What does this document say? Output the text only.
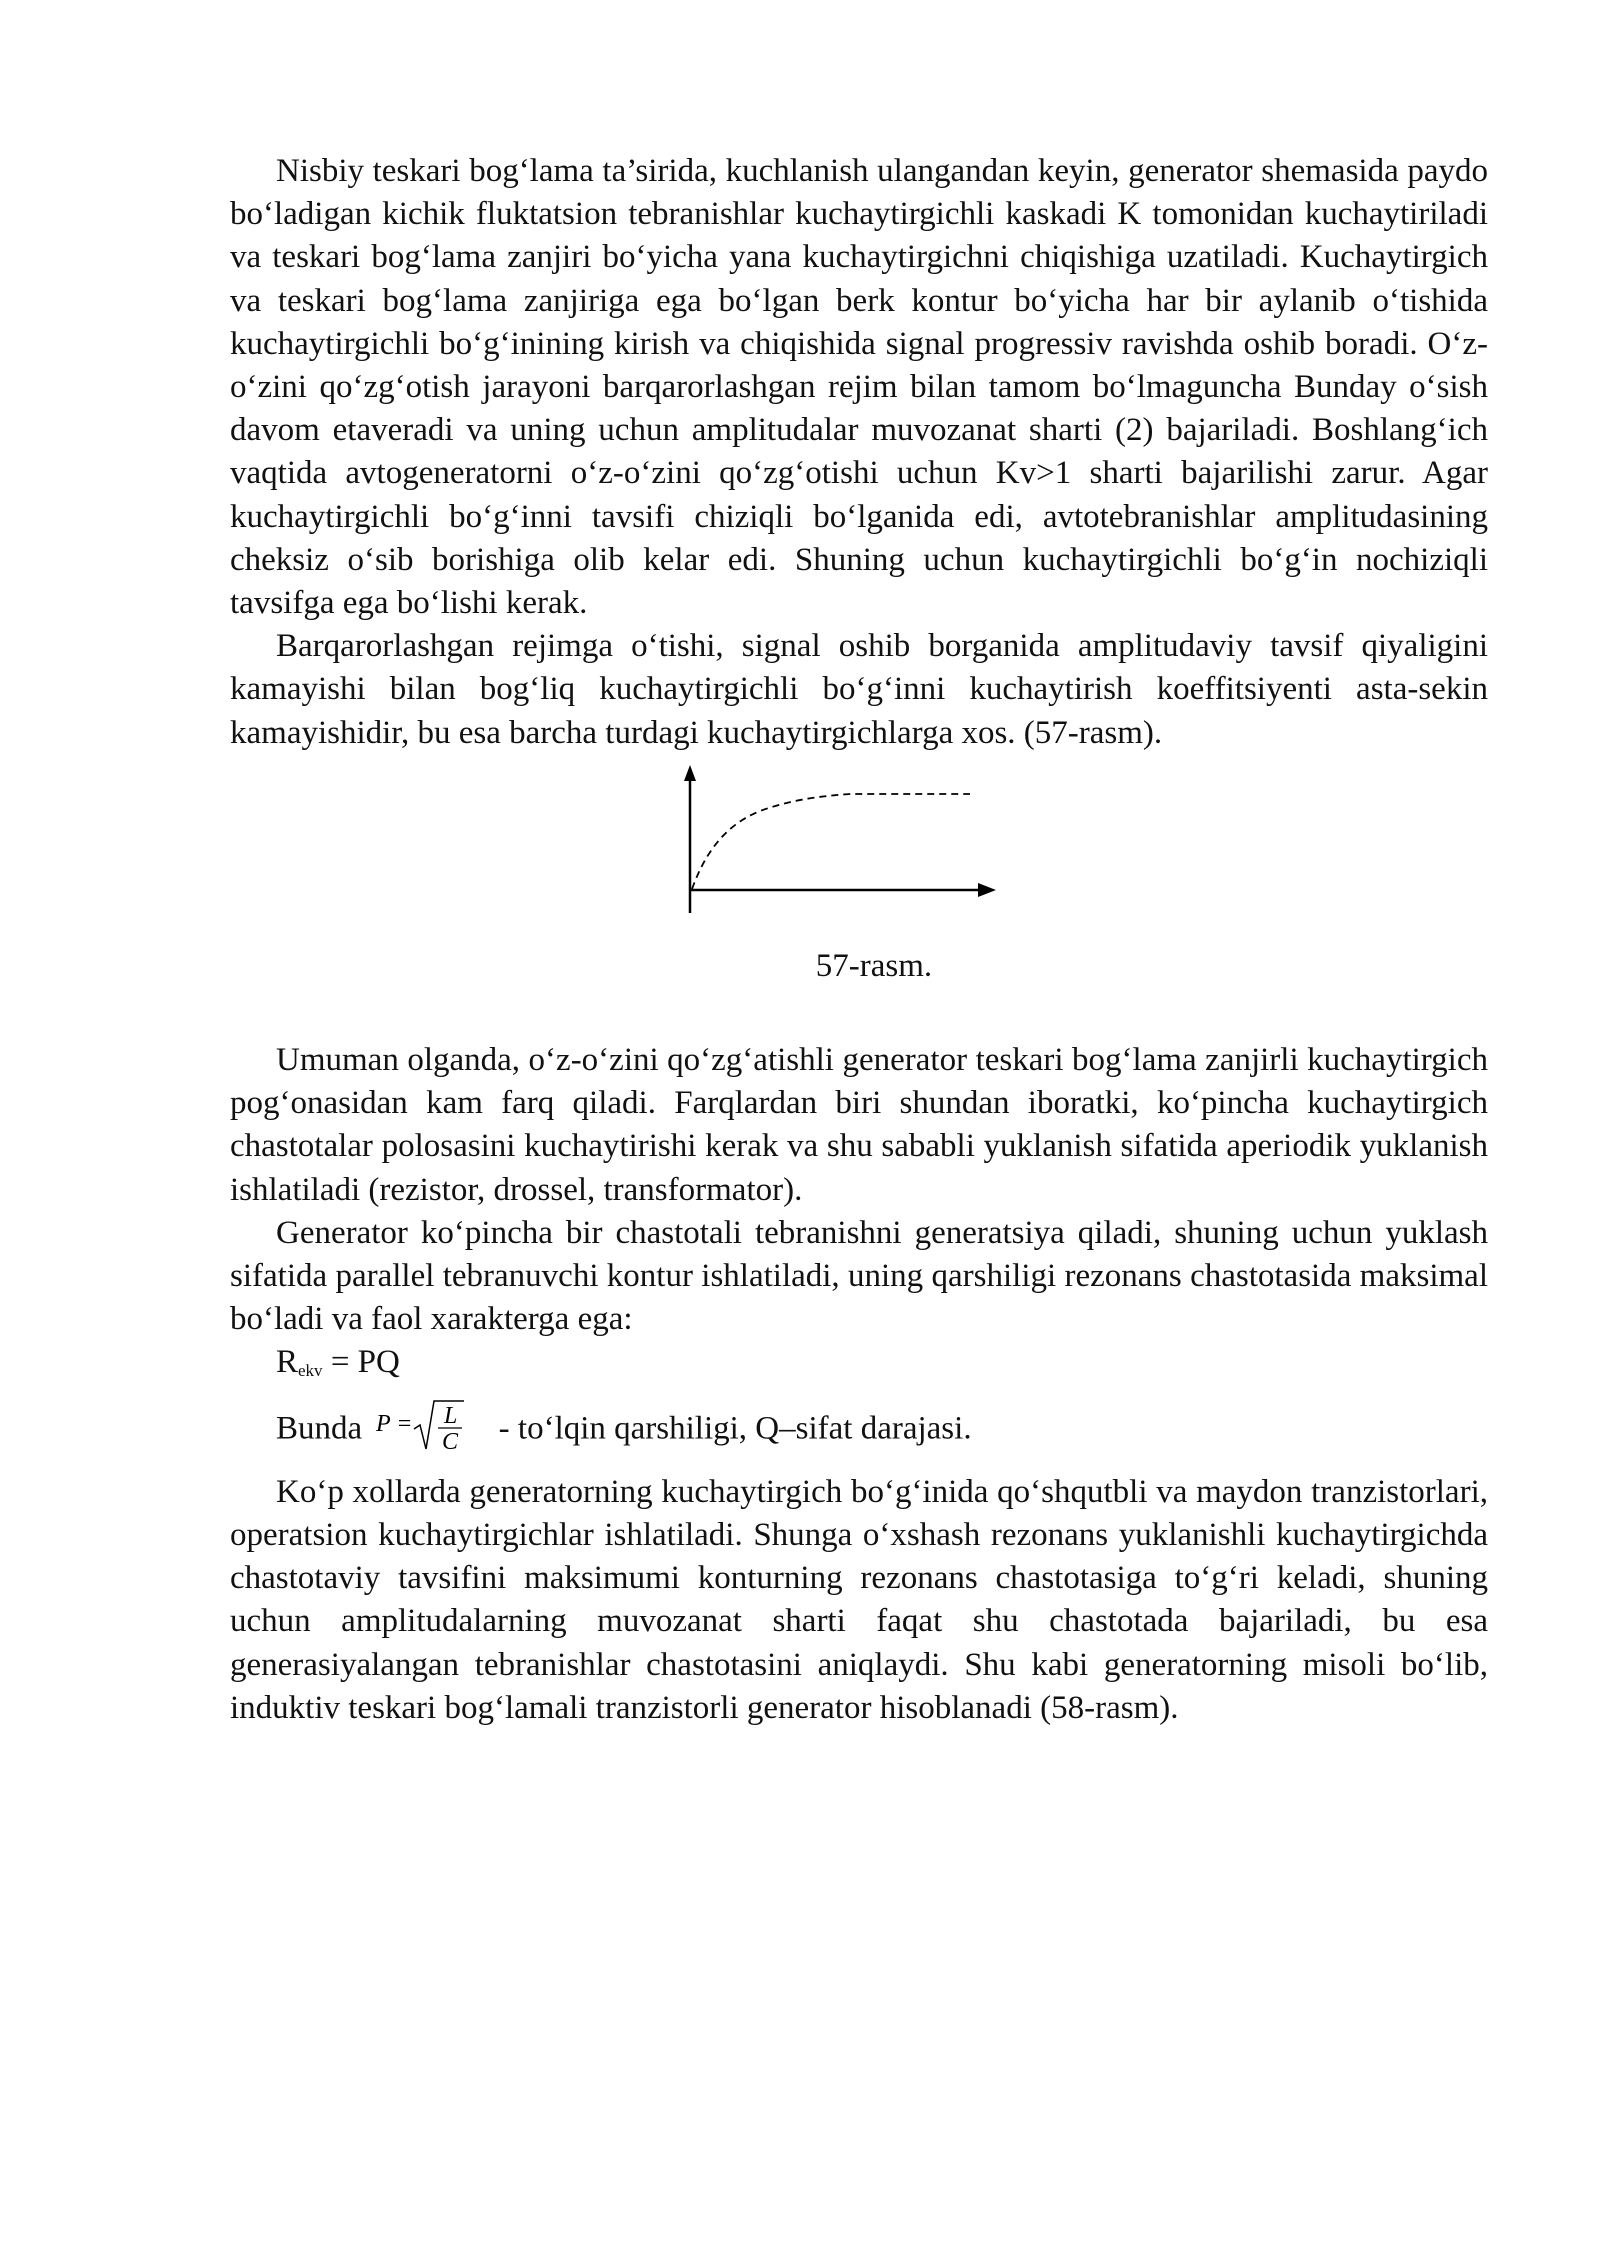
Nisbiy teskari bog‘lama ta’sirida, kuchlanish ulangandan keyin, generator shemasida paydo bo‘ladigan kichik fluktatsion tebranishlar kuchaytirgichli kaskadi K tomonidan kuchaytiriladi va teskari bog‘lama zanjiri bo‘yicha yana kuchaytirgichni chiqishiga uzatiladi. Kuchaytirgich va teskari bog‘lama zanjiriga ega bo‘lgan berk kontur bo‘yicha har bir aylanib o‘tishida kuchaytirgichli bo‘g‘inining kirish va chiqishida signal progressiv ravishda oshib boradi. O‘z-o‘zini qo‘zg‘otish jarayoni barqarorlashgan rejim bilan tamom bo‘lmaguncha Bunday o‘sish davom etaveradi va uning uchun amplitudalar muvozanat sharti (2) bajariladi. Boshlang‘ich vaqtida avtogeneratorni o‘z-o‘zini qo‘zg‘otishi uchun Kv>1 sharti bajarilishi zarur. Agar kuchaytirgichli bo‘g‘inni tavsifi chiziqli bo‘lganida edi, avtotebranishlar amplitudasining cheksiz o‘sib borishiga olib kelar edi. Shuning uchun kuchaytirgichli bo‘g‘in nochiziqli tavsifga ega bo‘lishi kerak.

Barqarorlashgan rejimga o‘tishi, signal oshib borganida amplitudaviy tavsif qiyaligini kamayishi bilan bog‘liq kuchaytirgichli bo‘g‘inni kuchaytirish koeffitsiyenti asta-sekin kamayishidir, bu esa barcha turdagi kuchaytirgichlarga xos. (57-rasm).

57-rasm.

Umuman olganda, o‘z-o‘zini qo‘zg‘atishli generator teskari bog‘lama zanjirli kuchaytirgich pog‘onasidan kam farq qiladi. Farqlardan biri shundan iboratki, ko‘pincha kuchaytirgich chastotalar polosasini kuchaytirishi kerak va shu sababli yuklanish sifatida aperiodik yuklanish ishlatiladi (rezistor, drossel, transformator).

Generator ko‘pincha bir chastotali tebranishni generatsiya qiladi, shuning uchun yuklash sifatida parallel tebranuvchi kontur ishlatiladi, uning qarshiligi rezonans chastotasida maksimal bo‘ladi va faol xarakterga ega:

$R_{ekv}$ = PQ

Bunda P = L
C - to‘lqin qarshiligi, Q–sifat darajasi.

Ko‘p xollarda generatorning kuchaytirgich bo‘g‘inida qo‘shqutbli va maydon tranzistorlari, operatsion kuchaytirgichlar ishlatiladi. Shunga o‘xshash rezonans yuklanishli kuchaytirgichda chastotaviy tavsifini maksimumi konturning rezonans chastotasiga to‘g‘ri keladi, shuning uchun amplitudalarning muvozanat sharti faqat shu chastotada bajariladi, bu esa generasiyalangan tebranishlar chastotasini aniqlaydi. Shu kabi generatorning misoli bo‘lib, induktiv teskari bog‘lamali tranzistorli generator hisoblanadi (58-rasm).
